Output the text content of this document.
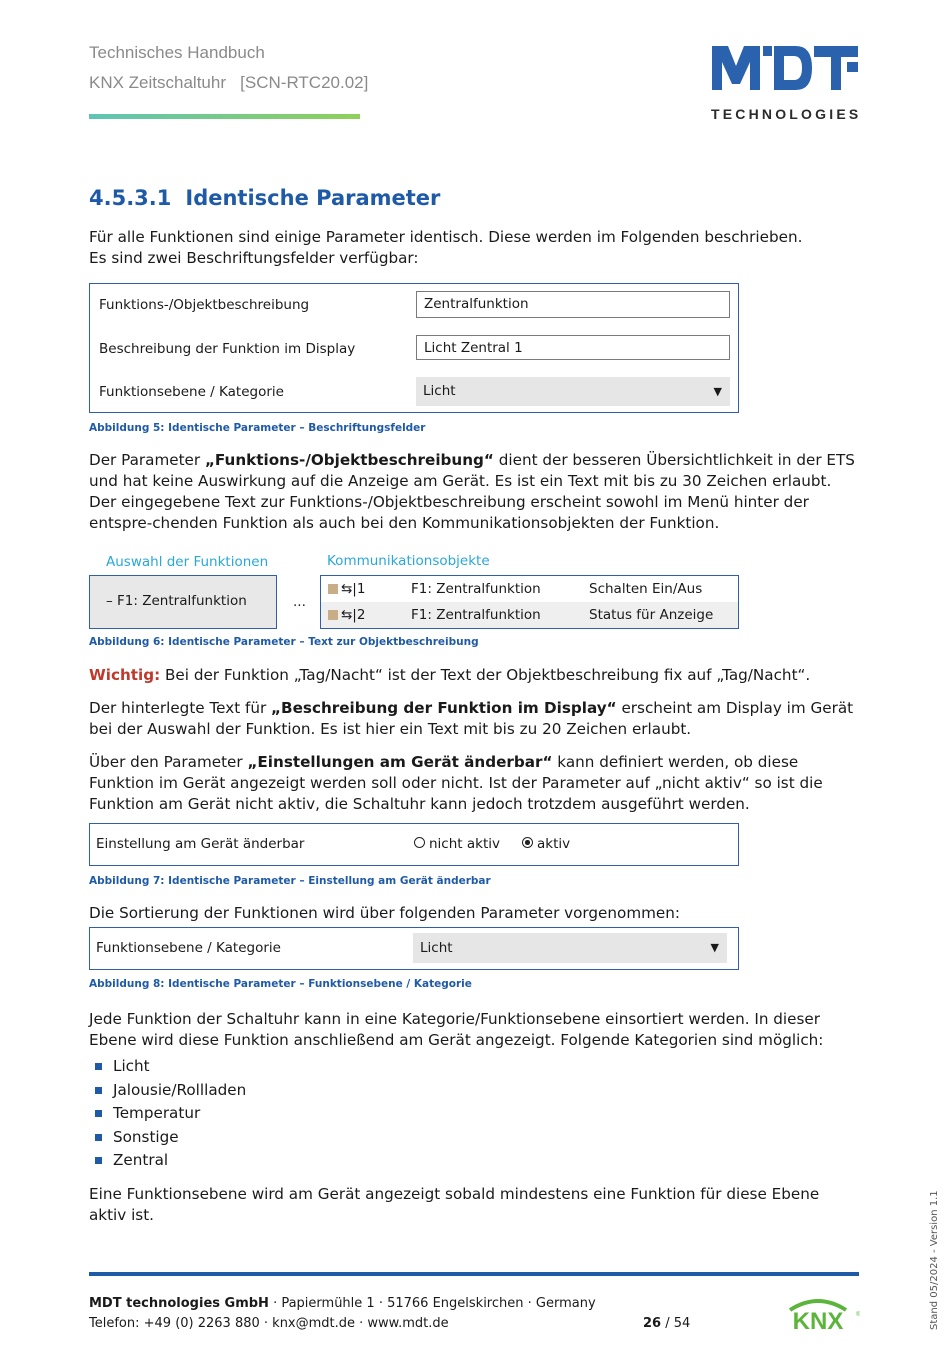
Technisches Handbuch
KNX Zeitschaltuhr   [SCN-RTC20.02]
TECHNOLOGIES
4.5.3.1 Identische Parameter
Für alle Funktionen sind einige Parameter identisch. Diese werden im Folgenden beschrieben.
Es sind zwei Beschriftungsfelder verfügbar:
Funktions-/Objektbeschreibung	Zentralfunktion
Beschreibung der Funktion im Display	Licht Zentral 1
Funktionsebene / Kategorie	Licht	▼
Abbildung 5: Identische Parameter – Beschriftungsfelder
Der Parameter „Funktions-/Objektbeschreibung“ dient der besseren Übersichtlichkeit in der ETS und hat keine Auswirkung auf die Anzeige am Gerät. Es ist ein Text mit bis zu 30 Zeichen erlaubt.
Der eingegebene Text zur Funktions-/Objektbeschreibung erscheint sowohl im Menü hinter der entspre-chenden Funktion als auch bei den Kommunikationsobjekten der Funktion.
Auswahl der Funktionen	Kommunikationsobjekte
– F1: Zentralfunktion	...
⇆|1	F1: Zentralfunktion	Schalten Ein/Aus
⇆|2	F1: Zentralfunktion	Status für Anzeige
Abbildung 6: Identische Parameter – Text zur Objektbeschreibung
Wichtig: Bei der Funktion „Tag/Nacht“ ist der Text der Objektbeschreibung fix auf „Tag/Nacht“.
Der hinterlegte Text für „Beschreibung der Funktion im Display“ erscheint am Display im Gerät bei der Auswahl der Funktion. Es ist hier ein Text mit bis zu 20 Zeichen erlaubt.
Über den Parameter „Einstellungen am Gerät änderbar“ kann definiert werden, ob diese Funktion im Gerät angezeigt werden soll oder nicht. Ist der Parameter auf „nicht aktiv“ so ist die Funktion am Gerät nicht aktiv, die Schaltuhr kann jedoch trotzdem ausgeführt werden.
Einstellung am Gerät änderbar	nicht aktiv	aktiv
Abbildung 7: Identische Parameter – Einstellung am Gerät änderbar
Die Sortierung der Funktionen wird über folgenden Parameter vorgenommen:
Funktionsebene / Kategorie	Licht	▼
Abbildung 8: Identische Parameter – Funktionsebene / Kategorie
Jede Funktion der Schaltuhr kann in eine Kategorie/Funktionsebene einsortiert werden. In dieser Ebene wird diese Funktion anschließend am Gerät angezeigt. Folgende Kategorien sind möglich:
Licht
Jalousie/Rollladen
Temperatur
Sonstige
Zentral
Eine Funktionsebene wird am Gerät angezeigt sobald mindestens eine Funktion für diese Ebene aktiv ist.
MDT technologies GmbH · Papiermühle 1 · 51766 Engelskirchen · Germany
Telefon: +49 (0) 2263 880 · knx@mdt.de · www.mdt.de	26 / 54	KNX ®	Stand 05/2024 - Version 1.1
